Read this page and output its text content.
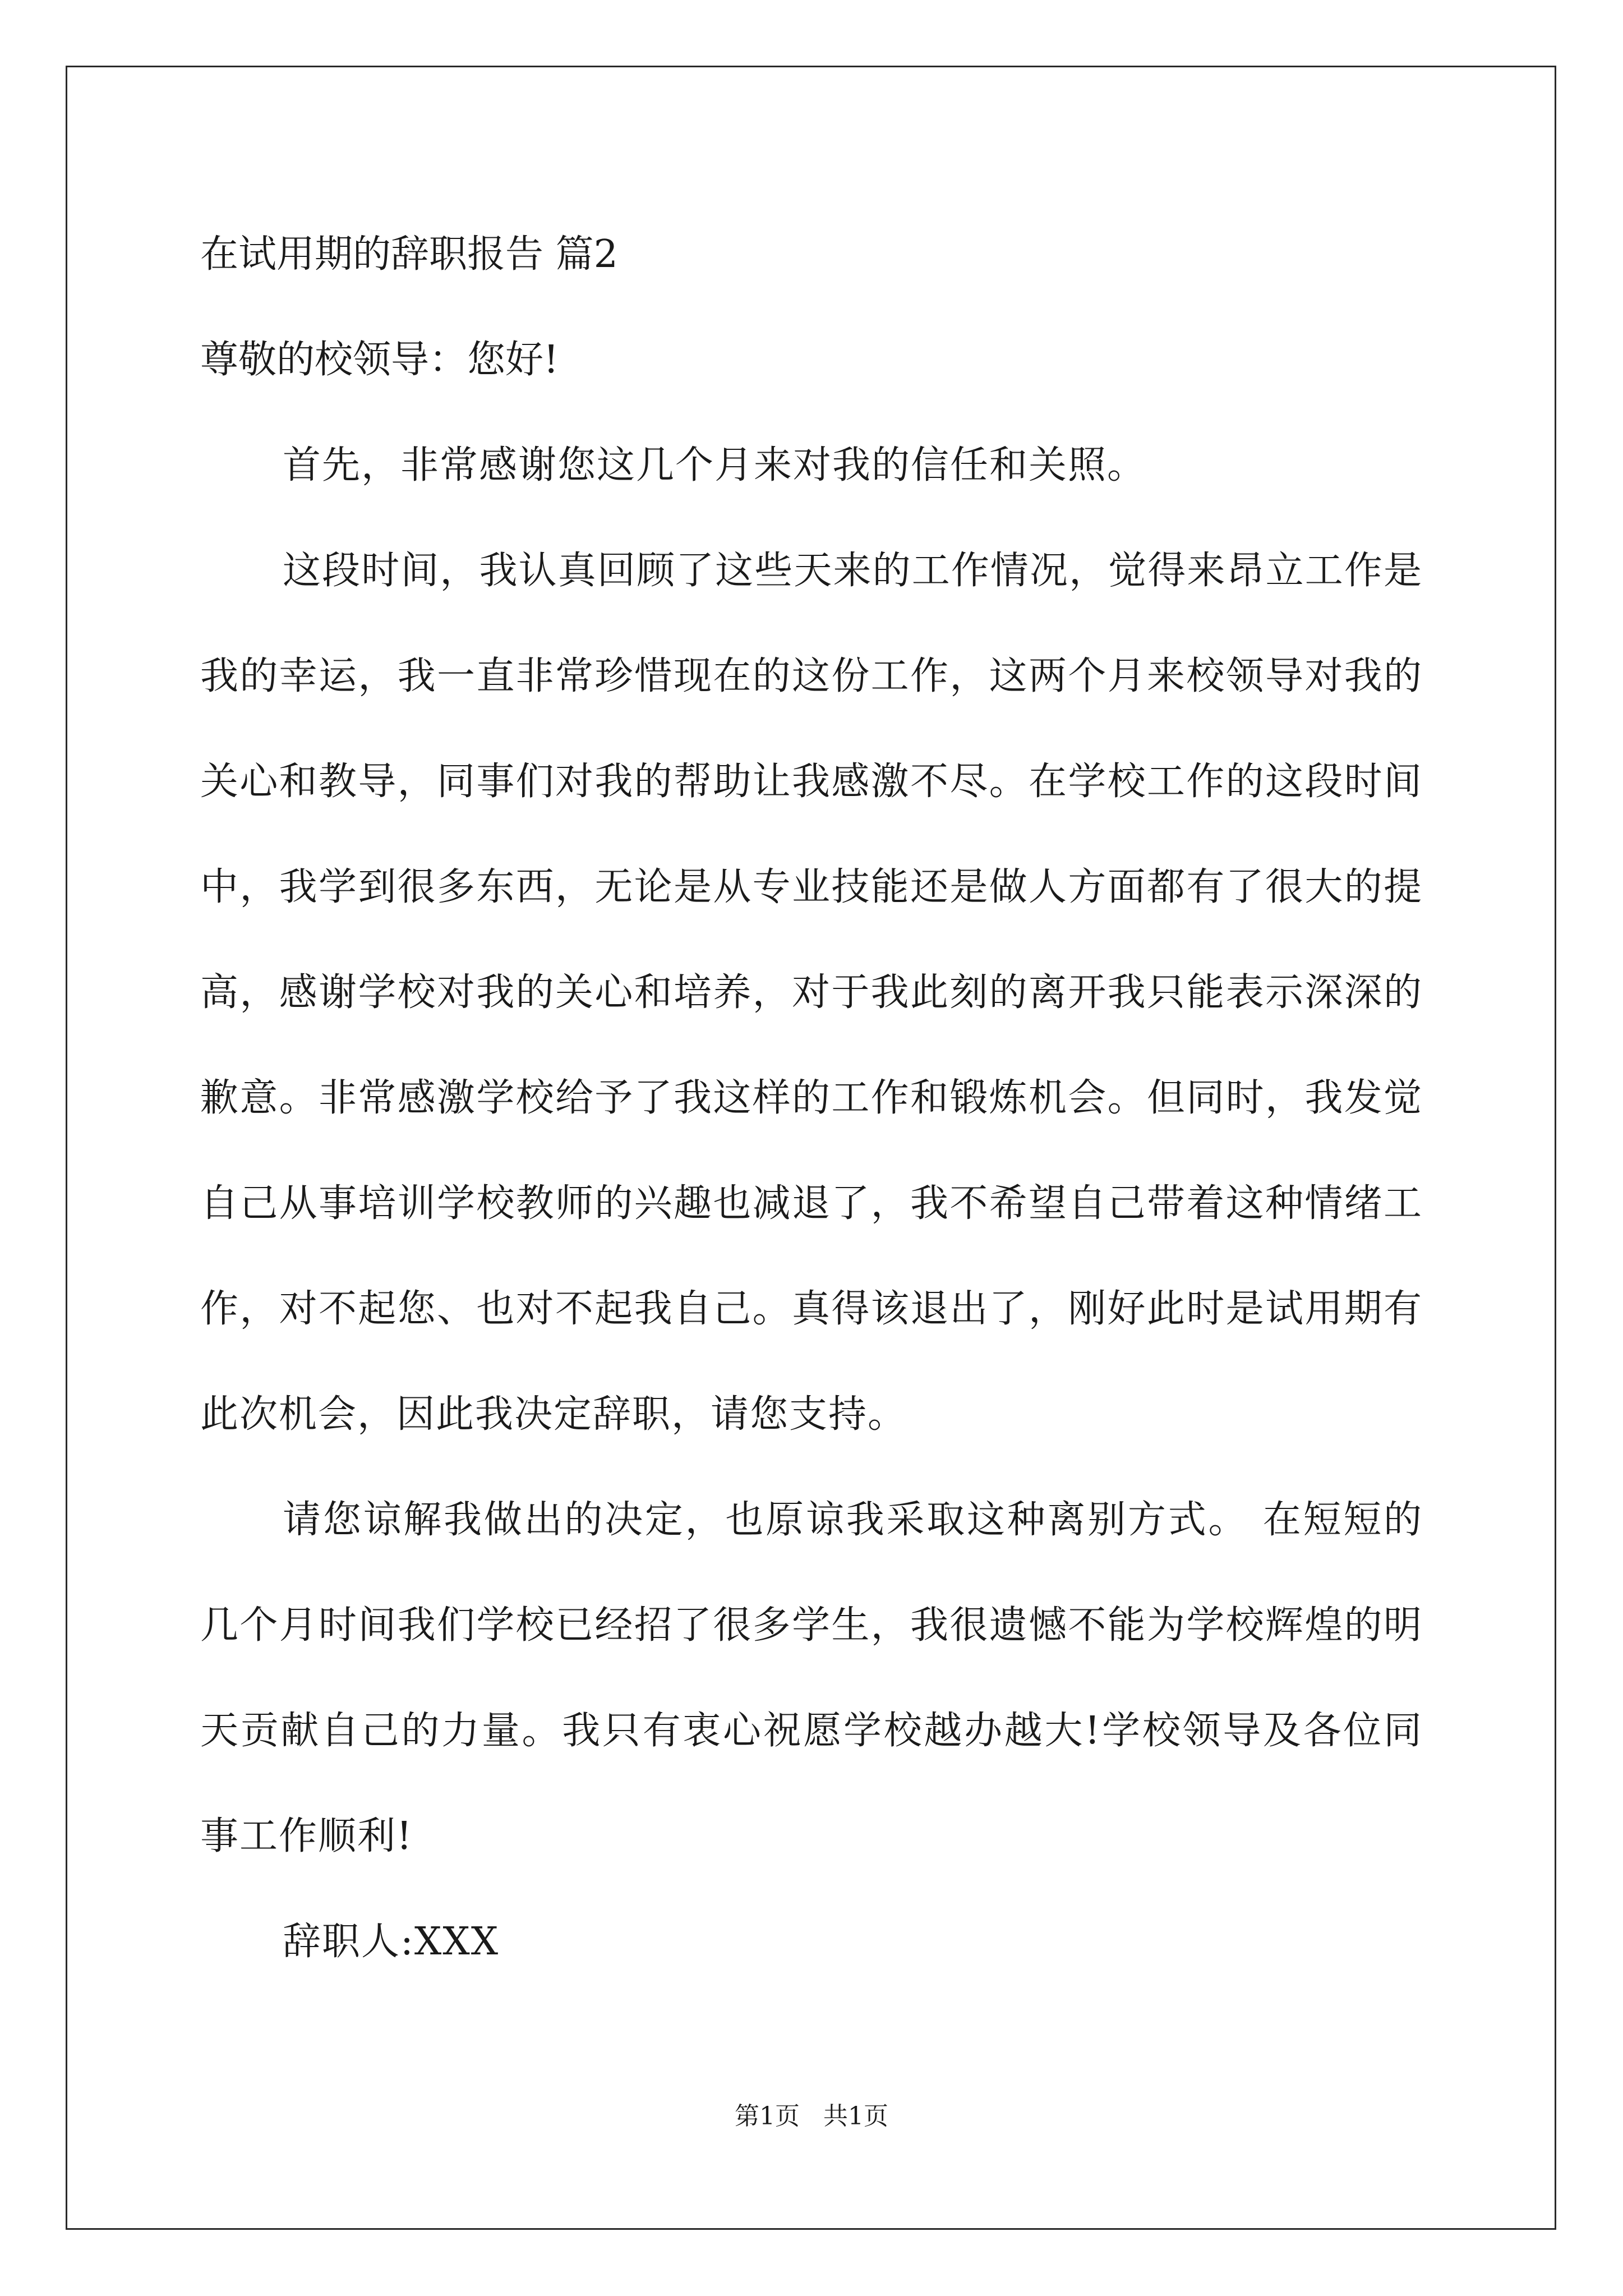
在试用期的辞职报告 篇2
尊敬的校领导：您好!

首先，非常感谢您这几个月来对我的信任和关照。

这段时间，我认真回顾了这些天来的工作情况，觉得来昂立工作是我的幸运，我一直非常珍惜现在的这份工作，这两个月来校领导对我的关心和教导，同事们对我的帮助让我感激不尽。在学校工作的这段时间中，我学到很多东西，无论是从专业技能还是做人方面都有了很大的提高，感谢学校对我的关心和培养，对于我此刻的离开我只能表示深深的歉意。非常感激学校给予了我这样的工作和锻炼机会。但同时，我发觉自己从事培训学校教师的兴趣也减退了，我不希望自己带着这种情绪工作，对不起您、也对不起我自己。真得该退出了，刚好此时是试用期有此次机会，因此我决定辞职，请您支持。

请您谅解我做出的决定，也原谅我采取这种离别方式。 在短短的几个月时间我们学校已经招了很多学生，我很遗憾不能为学校辉煌的明天贡献自己的力量。我只有衷心祝愿学校越办越大!学校领导及各位同事工作顺利!

辞职人:XXX

第1页 共1页
